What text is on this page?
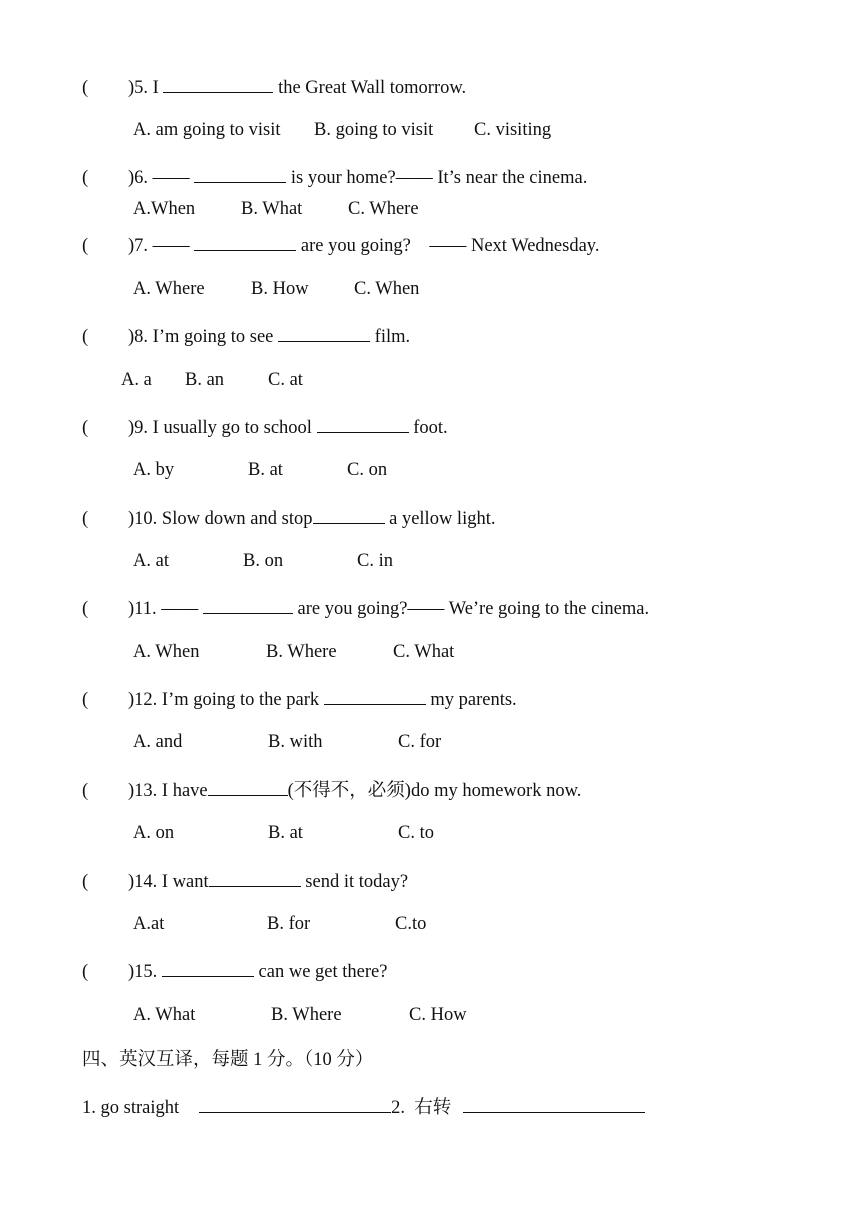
( )5. I	the Great Wall tomorrow.
A. am going to visit B. going to visit C. visiting
( )6. ——	is your home?—— It’s near the cinema.
A.When B. What C. Where
( )7. ——	are you going?    —— Next Wednesday.
A. Where	B. How C. When
( )8. I’m going to see	film.
A. a B. an C. at
( )9. I usually go to school	foot.
A. by	B. at	C. on
( )10. Slow down and stop	a yellow light.
A. at	B. on	C. in
( )11. ——	are you going?—— We’re going to the cinema.
A. When	B. Where	C. What
( )12. I’m going to the park	my parents.
A. and	B. with	C. for
( )13. I have	(不得不，必须)do my homework now.
A. on	B. at	C. to
( )14. I want	send it today?
A.at	B. for	C.to
( )15.	can we get there?
A. What	B. Where	C. How
四、英汉互译，每题 1 分。（10 分）
1. go straight	2.  右转
